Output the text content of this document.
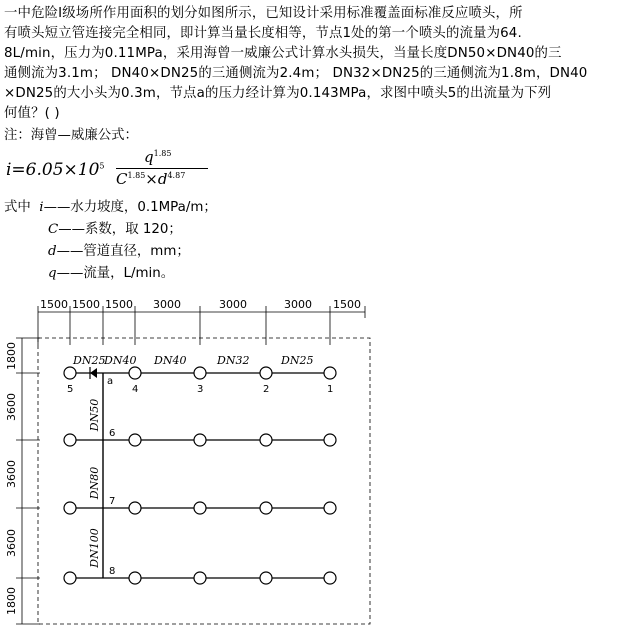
一中危险Ⅰ级场所作用面积的划分如图所示，已知设计采用标准覆盖面标准反应喷头，所

有喷头短立管连接完全相同，即计算当量长度相等，节点1处的第一个喷头的流量为64.

8L/min，压力为0.11MPa，采用海曾一威廉公式计算水头损失，当量长度DN50×DN40的三

通侧流为3.1m； DN40×DN25的三通侧流为2.4m； DN32×DN25的三通侧流为1.8m，DN40

×DN25的大小头为0.3m，节点a的压力经计算为0.143MPa，求图中喷头5的出流量为下列

何值？( )

注：海曾—威廉公式：
$i=6.05\times 10^5$	$q^{1.85}$
$C^{1.85}\times d^{4.87}$
式中 i——水力坡度，0.1MPa/m；
C——系数，取 120；
d——管道直径，mm；
q——流量，L/min。
1500 1500 1500 3000	3000	3000 1500
1800
3600
3600
3600
1800
DN25
DN40 DN40	DN32	DN25
DN50
DN80
DN100
5
a
4	3	2	1
6
7
8
